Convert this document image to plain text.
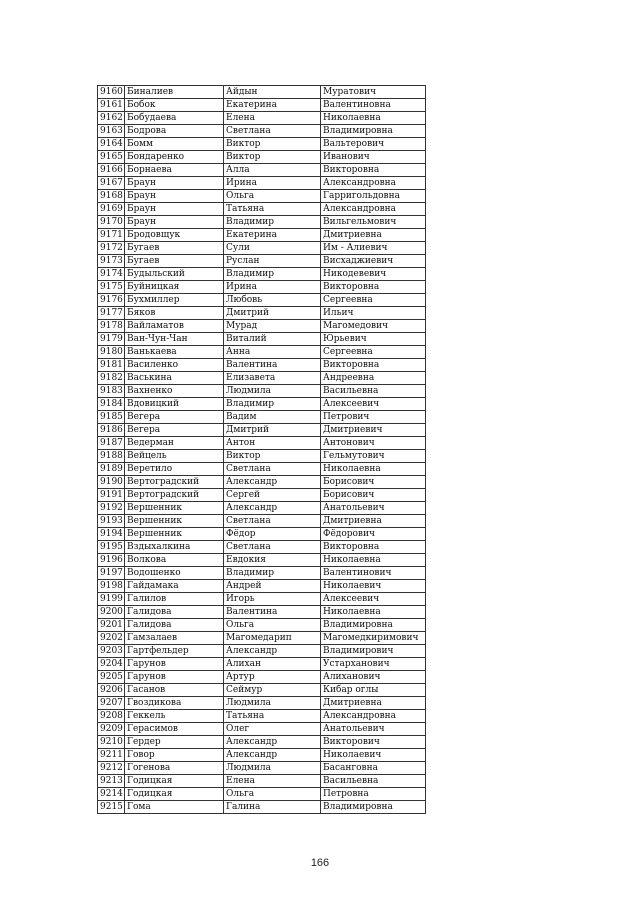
9160	Биналиев	Айдын	Муратович
9161	Бобок	Екатерина	Валентиновна
9162	Бобудаева	Елена	Николаевна
9163	Бодрова	Светлана	Владимировна
9164	Бомм	Виктор	Вальтерович
9165	Бондаренко	Виктор	Иванович
9166	Борнаева	Алла	Викторовна
9167	Браун	Ирина	Александровна
9168	Браун	Ольга	Гарригольдовна
9169	Браун	Татьяна	Александровна
9170	Браун	Владимир	Вильгельмович
9171	Бродовщук	Екатерина	Дмитриевна
9172	Бугаев	Сули	Им - Алиевич
9173	Бугаев	Руслан	Висхаджиевич
9174	Будыльский	Владимир	Никодевевич
9175	Буйницкая	Ирина	Викторовна
9176	Бухмиллер	Любовь	Сергеевна
9177	Бяков	Дмитрий	Ильич
9178	Вайламатов	Мурад	Магомедович
9179	Ван-Чун-Чан	Виталий	Юрьевич
9180	Ванькаева	Анна	Сергеевна
9181	Василенко	Валентина	Викторовна
9182	Васькина	Елизавета	Андреевна
9183	Вахненко	Людмила	Васильевна
9184	Вдовицкий	Владимир	Алексеевич
9185	Вегера	Вадим	Петрович
9186	Вегера	Дмитрий	Дмитриевич
9187	Ведерман	Антон	Антонович
9188	Вейцель	Виктор	Гельмутович
9189	Веретило	Светлана	Николаевна
9190	Вертоградский	Александр	Борисович
9191	Вертоградский	Сергей	Борисович
9192	Вершенник	Александр	Анатольевич
9193	Вершенник	Светлана	Дмитриевна
9194	Вершенник	Фёдор	Фёдорович
9195	Вздыхалкина	Светлана	Викторовна
9196	Волкова	Евдокия	Николаевна
9197	Водошенко	Владимир	Валентинович
9198	Гайдамака	Андрей	Николаевич
9199	Галилов	Игорь	Алексеевич
9200	Галидова	Валентина	Николаевна
9201	Галидова	Ольга	Владимировна
9202	Гамзалаев	Магомедарип	Магомедкиримович
9203	Гартфельдер	Александр	Владимирович
9204	Гарунов	Алихан	Устарханович
9205	Гарунов	Артур	Алиханович
9206	Гасанов	Сеймур	Кибар оглы
9207	Гвоздикова	Людмила	Дмитриевна
9208	Геккель	Татьяна	Александровна
9209	Герасимов	Олег	Анатольевич
9210	Гердер	Александр	Викторович
9211	Говор	Александр	Николаевич
9212	Гогенова	Людмила	Басанговна
9213	Годицкая	Елена	Васильевна
9214	Годицкая	Ольга	Петровна
9215	Гома	Галина	Владимировна
166
